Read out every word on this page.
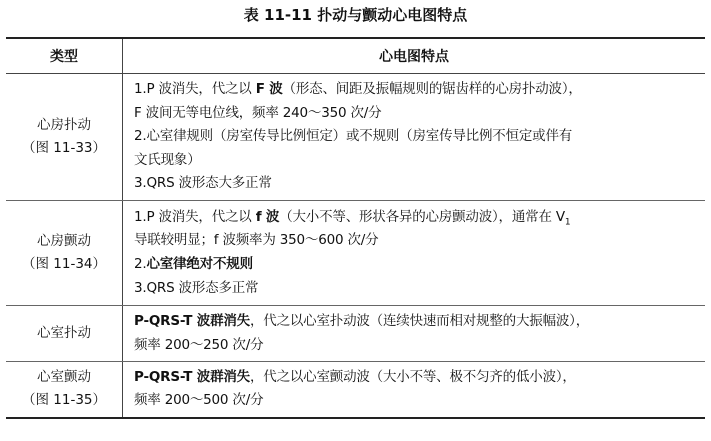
表 11-11 扑动与颤动心电图特点
类型	心电图特点

心房扑动
（图 11-33）	1.P 波消失，代之以 F 波（形态、间距及振幅规则的锯齿样的心房扑动波），
F 波间无等电位线，频率 240～350 次/分
2.心室律规则（房室传导比例恒定）或不规则（房室传导比例不恒定或伴有
文氏现象）
3.QRS 波形态大多正常

心房颤动
（图 11-34）	1.P 波消失，代之以 f 波（大小不等、形状各异的心房颤动波），通常在 $V_1$
导联较明显；f 波频率为 350～600 次/分
2.心室律绝对不规则
3.QRS 波形态多正常

心室扑动	P-QRS-T 波群消失，代之以心室扑动波（连续快速而相对规整的大振幅波），
频率 200～250 次/分

心室颤动
（图 11-35）	P-QRS-T 波群消失，代之以心室颤动波（大小不等、极不匀齐的低小波），
频率 200～500 次/分
